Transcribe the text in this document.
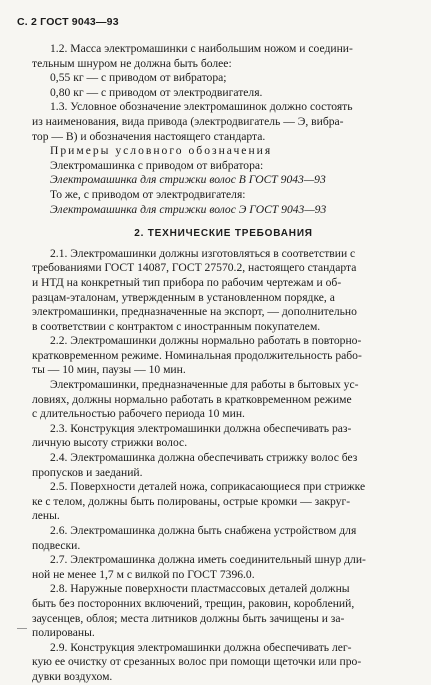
С. 2 ГОСТ 9043—93
1.2. Масса электромашинки с наибольшим ножом и соедини-
тельным шнуром не должна быть более:
0,55 кг — с приводом от вибратора;
0,80 кг — с приводом от электродвигателя.
1.3. Условное обозначение электромашинок должно состоять
из наименования, вида привода (электродвигатель — Э, вибра-
тор — В) и обозначения настоящего стандарта.
Примеры условного обозначения
Электромашинка с приводом от вибратора:
Электромашинка для стрижки волос В ГОСТ 9043—93
То же, с приводом от электродвигателя:
Электромашинка для стрижки волос Э ГОСТ 9043—93
2. ТЕХНИЧЕСКИЕ ТРЕБОВАНИЯ
2.1. Электромашинки должны изготовляться в соответствии с
требованиями ГОСТ 14087, ГОСТ 27570.2, настоящего стандарта
и НТД на конкретный тип прибора по рабочим чертежам и об-
разцам-эталонам, утвержденным в установленном порядке, а
электромашинки, предназначенные на экспорт, — дополнительно
в соответствии с контрактом с иностранным покупателем.
2.2. Электромашинки должны нормально работать в повторно-
кратковременном режиме. Номинальная продолжительность рабо-
ты — 10 мин, паузы — 10 мин.
Электромашинки, предназначенные для работы в бытовых ус-
ловиях, должны нормально работать в кратковременном режиме
с длительностью рабочего периода 10 мин.
2.3. Конструкция электромашинки должна обеспечивать раз-
личную высоту стрижки волос.
2.4. Электромашинка должна обеспечивать стрижку волос без
пропусков и заеданий.
2.5. Поверхности деталей ножа, соприкасающиеся при стрижке
ке с телом, должны быть полированы, острые кромки — закруг-
лены.
2.6. Электромашинка должна быть снабжена устройством для
подвески.
2.7. Электромашинка должна иметь соединительный шнур дли-
ной не менее 1,7 м с вилкой по ГОСТ 7396.0.
2.8. Наружные поверхности пластмассовых деталей должны
быть без посторонних включений, трещин, раковин, короблений,
заусенцев, облоя; места литников должны быть зачищены и за-
полированы.
2.9. Конструкция электромашинки должна обеспечивать лег-
кую ее очистку от срезанных волос при помощи щеточки или про-
дувки воздухом.
